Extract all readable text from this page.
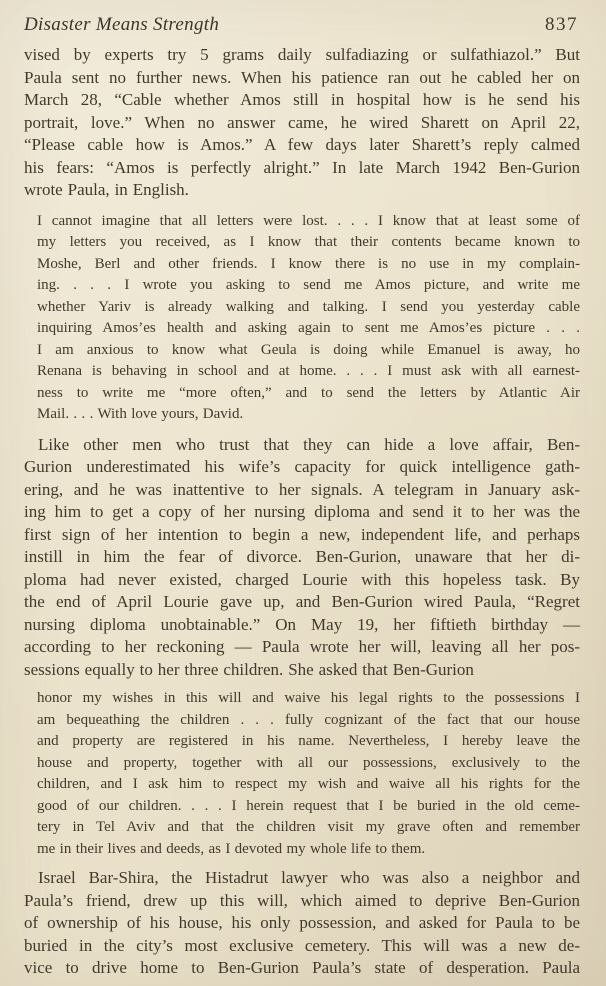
Disaster Means Strength	837
vised by experts try 5 grams daily sulfadiazing or sulfathiazol.” But
Paula sent no further news. When his patience ran out he cabled her on
March 28, “Cable whether Amos still in hospital how is he send his
portrait, love.” When no answer came, he wired Sharett on April 22,
“Please cable how is Amos.” A few days later Sharett’s reply calmed
his fears: “Amos is perfectly alright.” In late March 1942 Ben-Gurion
wrote Paula, in English.
I cannot imagine that all letters were lost. . . . I know that at least some of
my letters you received, as I know that their contents became known to
Moshe, Berl and other friends. I know there is no use in my complain-
ing. . . . I wrote you asking to send me Amos picture, and write me
whether Yariv is already walking and talking. I send you yesterday cable
inquiring Amos’es health and asking again to sent me Amos’es picture . . .
I am anxious to know what Geula is doing while Emanuel is away, ho
Renana is behaving in school and at home. . . . I must ask with all earnest-
ness to write me “more often,” and to send the letters by Atlantic Air
Mail. . . . With love yours, David.
Like other men who trust that they can hide a love affair, Ben-
Gurion underestimated his wife’s capacity for quick intelligence gath-
ering, and he was inattentive to her signals. A telegram in January ask-
ing him to get a copy of her nursing diploma and send it to her was the
first sign of her intention to begin a new, independent life, and perhaps
instill in him the fear of divorce. Ben-Gurion, unaware that her di-
ploma had never existed, charged Lourie with this hopeless task. By
the end of April Lourie gave up, and Ben-Gurion wired Paula, “Regret
nursing diploma unobtainable.” On May 19, her fiftieth birthday —
according to her reckoning — Paula wrote her will, leaving all her pos-
sessions equally to her three children. She asked that Ben-Gurion
honor my wishes in this will and waive his legal rights to the possessions I
am bequeathing the children . . . fully cognizant of the fact that our house
and property are registered in his name. Nevertheless, I hereby leave the
house and property, together with all our possessions, exclusively to the
children, and I ask him to respect my wish and waive all his rights for the
good of our children. . . . I herein request that I be buried in the old ceme-
tery in Tel Aviv and that the children visit my grave often and remember
me in their lives and deeds, as I devoted my whole life to them.
Israel Bar-Shira, the Histadrut lawyer who was also a neighbor and
Paula’s friend, drew up this will, which aimed to deprive Ben-Gurion
of ownership of his house, his only possession, and asked for Paula to be
buried in the city’s most exclusive cemetery. This will was a new de-
vice to drive home to Ben-Gurion Paula’s state of desperation. Paula
